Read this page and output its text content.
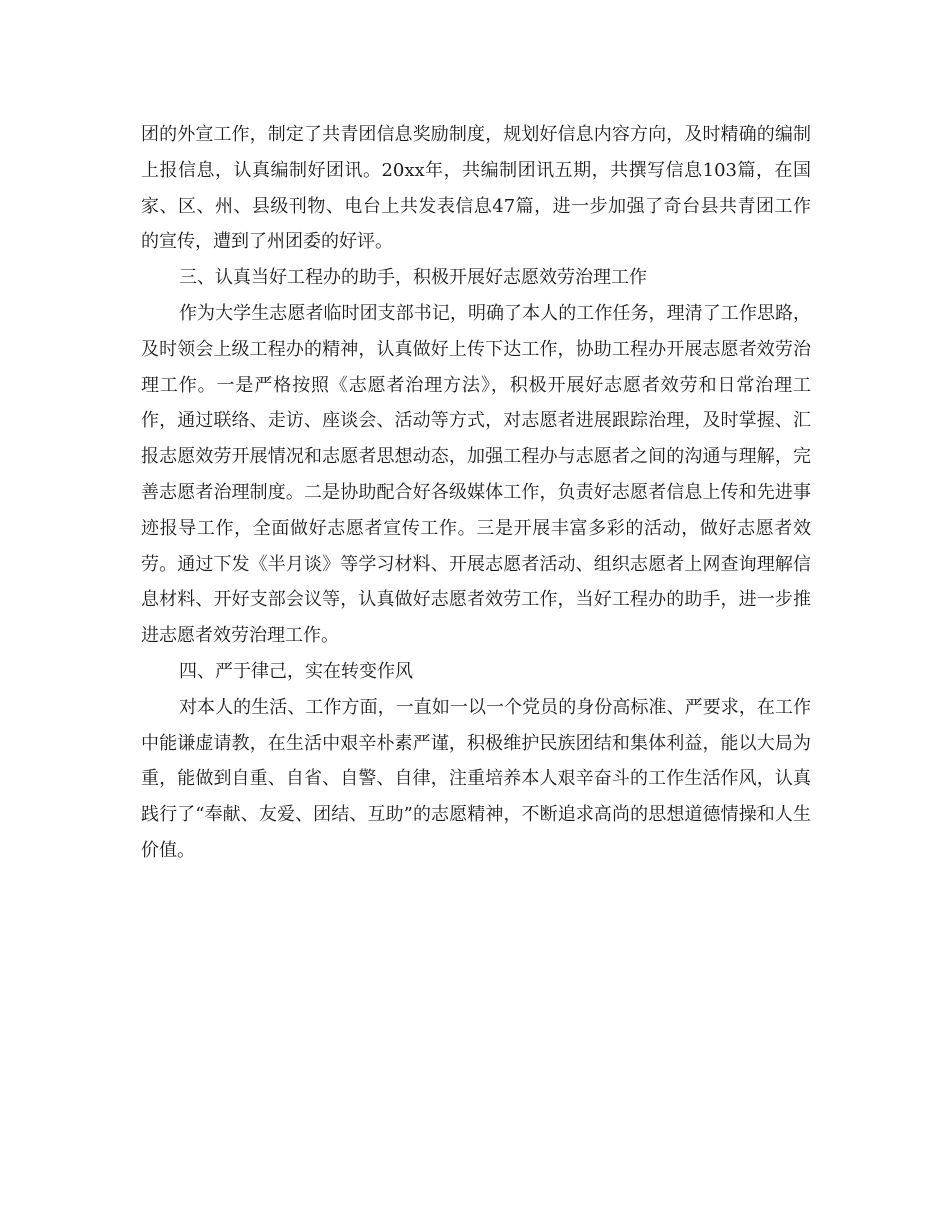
团的外宣工作，制定了共青团信息奖励制度，规划好信息内容方向，及时精确的编制上报信息，认真编制好团讯。20xx年，共编制团讯五期，共撰写信息103篇，在国家、区、州、县级刊物、电台上共发表信息47篇，进一步加强了奇台县共青团工作的宣传，遭到了州团委的好评。

三、认真当好工程办的助手，积极开展好志愿效劳治理工作

作为大学生志愿者临时团支部书记，明确了本人的工作任务，理清了工作思路，及时领会上级工程办的精神，认真做好上传下达工作，协助工程办开展志愿者效劳治理工作。一是严格按照《志愿者治理方法》，积极开展好志愿者效劳和日常治理工作，通过联络、走访、座谈会、活动等方式，对志愿者进展跟踪治理，及时掌握、汇报志愿效劳开展情况和志愿者思想动态，加强工程办与志愿者之间的沟通与理解，完善志愿者治理制度。二是协助配合好各级媒体工作，负责好志愿者信息上传和先进事迹报导工作，全面做好志愿者宣传工作。三是开展丰富多彩的活动，做好志愿者效劳。通过下发《半月谈》等学习材料、开展志愿者活动、组织志愿者上网查询理解信息材料、开好支部会议等，认真做好志愿者效劳工作，当好工程办的助手，进一步推进志愿者效劳治理工作。

四、严于律己，实在转变作风

对本人的生活、工作方面，一直如一以一个党员的身份高标准、严要求，在工作中能谦虚请教，在生活中艰辛朴素严谨，积极维护民族团结和集体利益，能以大局为重，能做到自重、自省、自警、自律，注重培养本人艰辛奋斗的工作生活作风，认真践行了“奉献、友爱、团结、互助”的志愿精神，不断追求高尚的思想道德情操和人生价值。
